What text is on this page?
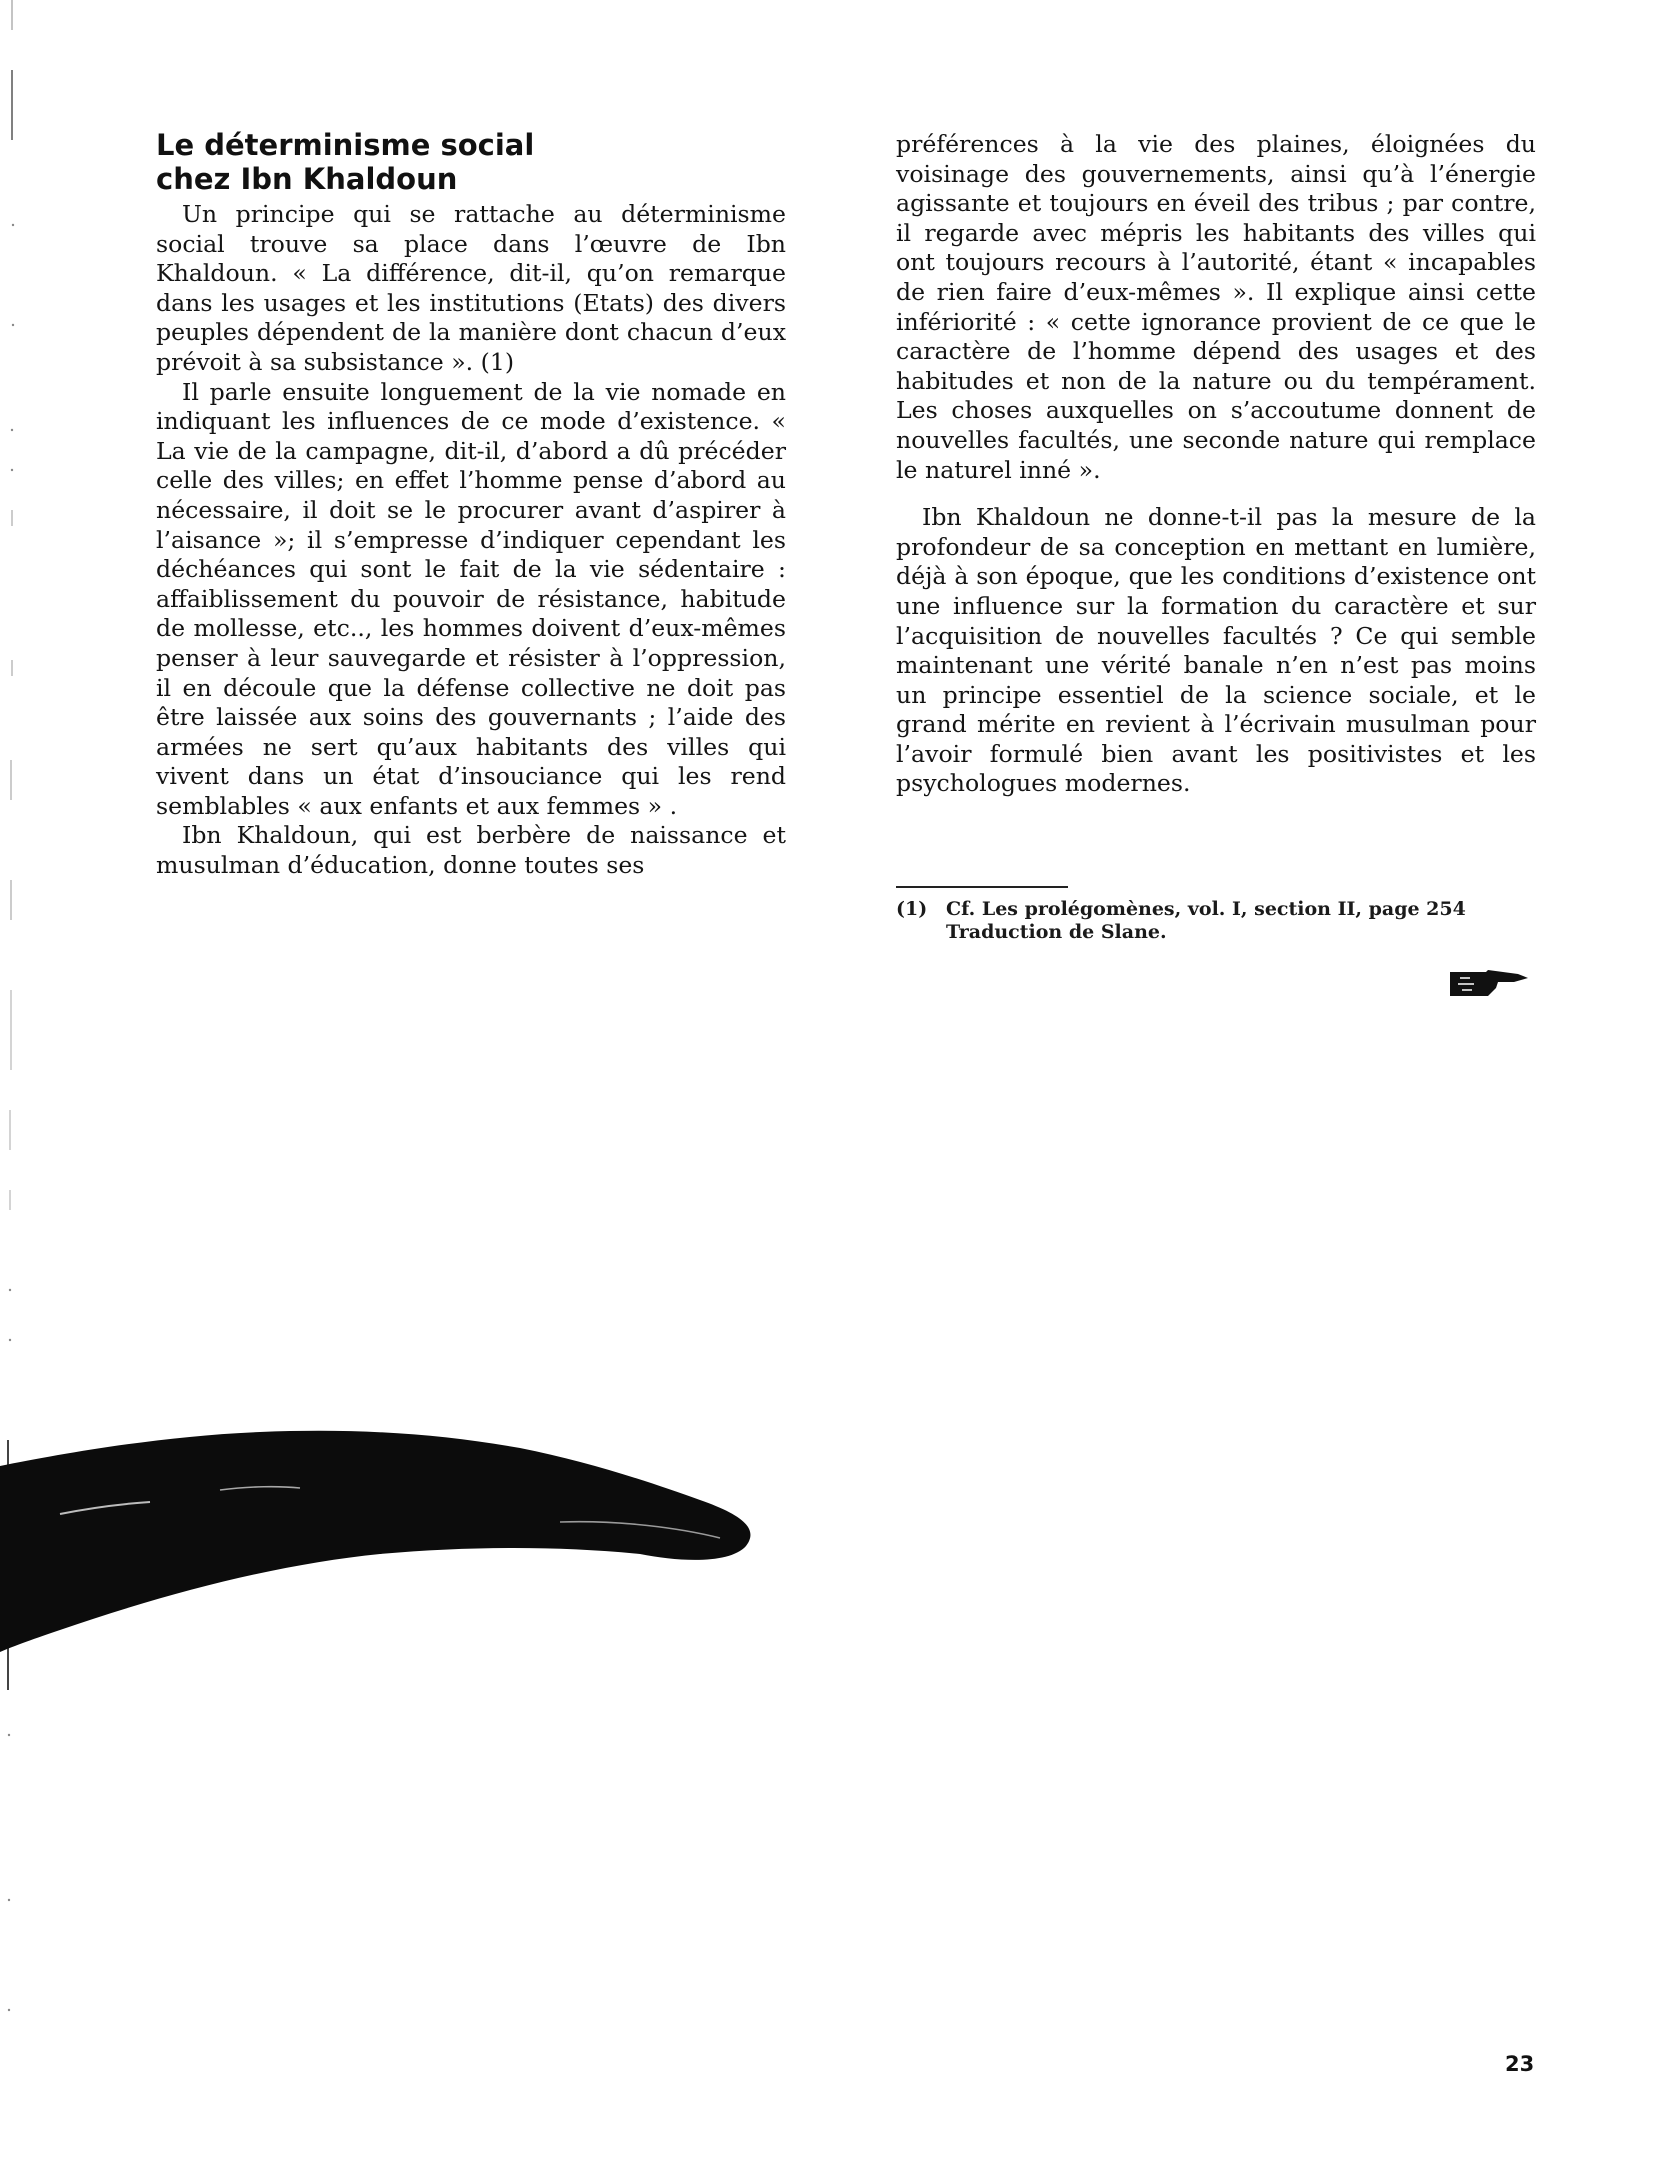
Le déterminisme social
chez Ibn Khaldoun

Un principe qui se rattache au déterminisme social trouve sa place dans l’œuvre de Ibn Khaldoun. « La différence, dit-il, qu’on remarque dans les usages et les institutions (Etats) des divers peuples dépendent de la manière dont chacun d’eux prévoit à sa subsistance ». (1)

Il parle ensuite longuement de la vie nomade en indiquant les influences de ce mode d’existence. « La vie de la campagne, dit-il, d’abord a dû précéder celle des villes; en effet l’homme pense d’abord au nécessaire, il doit se le procurer avant d’aspirer à l’aisance »; il s’empresse d’indiquer cependant les déchéances qui sont le fait de la vie sédentaire : affaiblissement du pouvoir de résistance, habitude de mollesse, etc.., les hommes doivent d’eux-mêmes penser à leur sauvegarde et résister à l’oppression, il en découle que la défense collective ne doit pas être laissée aux soins des gouvernants ; l’aide des armées ne sert qu’aux habitants des villes qui vivent dans un état d’insouciance qui les rend semblables « aux enfants et aux femmes » .

Ibn Khaldoun, qui est berbère de naissance et musulman d’éducation, donne toutes ses

préférences à la vie des plaines, éloignées du voisinage des gouvernements, ainsi qu’à l’énergie agissante et toujours en éveil des tribus ; par contre, il regarde avec mépris les habitants des villes qui ont toujours recours à l’autorité, étant « incapables de rien faire d’eux-mêmes ». Il explique ainsi cette infériorité : « cette ignorance provient de ce que le caractère de l’homme dépend des usages et des habitudes et non de la nature ou du tempérament. Les choses auxquelles on s’accoutume donnent de nouvelles facultés, une seconde nature qui remplace le naturel inné ».

Ibn Khaldoun ne donne-t-il pas la mesure de la profondeur de sa conception en mettant en lumière, déjà à son époque, que les conditions d’existence ont une influence sur la formation du caractère et sur l’acquisition de nouvelles facultés ? Ce qui semble maintenant une vérité banale n’en n’est pas moins un principe essentiel de la science sociale, et le grand mérite en revient à l’écrivain musulman pour l’avoir formulé bien avant les positivistes et les psychologues modernes.

(1) Cf. Les prolégomènes, vol. I, section II, page 254
Traduction de Slane.
23
